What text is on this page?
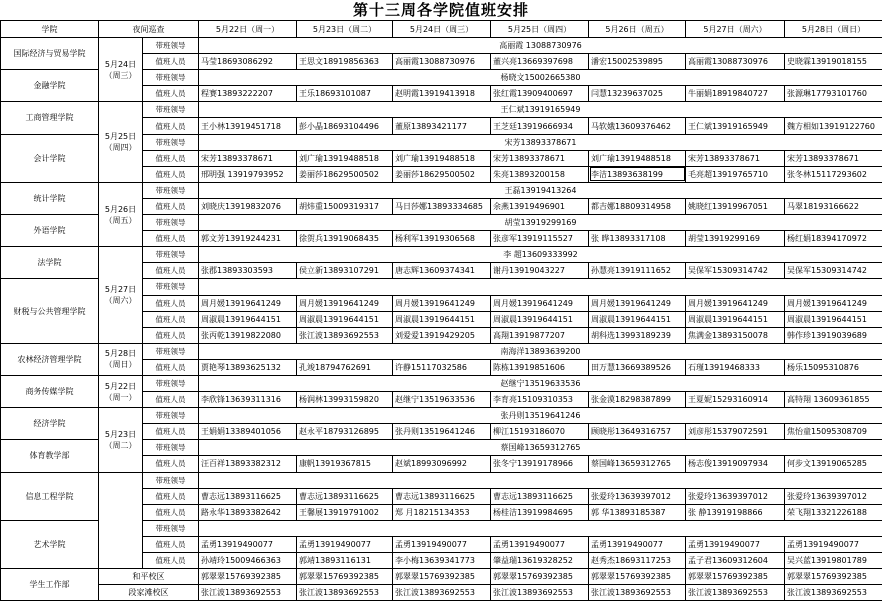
第十三周各学院值班安排
学院	夜间巡查		5月22日（周一）	5月23日（周二）	5月24日（周三）	5月25日（周四）	5月26日（周五）	5月27日（周六）	5月28日（周日）
国际经济与贸易学院	5月24日（周三）	带班领导	高丽霞 13088730976						
		值班人员	马莹18693086292	王思文18919856363	高丽霞13088730976	董兴亮13669397698	潘宏15002539895	高丽霞13088730976	史晓霖13919018155
金融学院		带班领导	杨晓文15002665380						
		值班人员	程赛13893222207	王乐18693101087	赵明霞13919413918	张红霞13909400697	闫慧13239637025	牛丽娟18919840727	张源琳17793101760
工商管理学院	5月25日（周四）	带班领导	王仁斌13919165949						
		值班人员	王小林13919451718	彭小晶18693104496	董原13893421177	王芝廷13919666934	马软娥13609376462	王仁斌13919165949	魏方相如13919122760
会计学院		带班领导	宋芳13893378671						
		值班人员	宋芳13893378671	刘广瑜13919488518	刘广瑜13919488518	宋芳13893378671	刘广瑜13919488518	宋芳13893378671	宋芳13893378671
		值班人员	邢明强 13919793952	姜丽莎18629500502	姜丽莎18629500502	朱亮13893200158	李洁13893638199	毛亮超13919765710	张冬林15117293602
统计学院	5月26日（周五）	带班领导	王磊13919413264						
		值班人员	刘晓庆13919832076	胡炜重15009319317	马日莎娜13893334685	余燕13919496901	都吉娜18809314958	姚晓红13919967051	马翠18193166622
外语学院		带班领导	胡莹13919299169						
		值班人员	郭文芳13919244231	徐贺兵13919068435	杨利军13919306568	张彦军13919115527	张 晔13893317108	胡莹13919299169	杨红娟18394170972
法学院	5月27日（周六）	带班领导	李 超13609333992						
		值班人员	张郡13893303593	侯立新13893107291	唐志辉13609374341	谢丹13919043227	孙慧亮13919111652	吴保军15309314742	吴保军15309314742
财税与公共管理学院		带班领导							
		值班人员	周月媛13919641249	周月媛13919641249	周月媛13919641249	周月媛13919641249	周月媛13919641249	周月媛13919641249	周月媛13919641249
		值班人员	周淑晨13919644151	周淑晨13919644151	周淑晨13919644151	周淑晨13919644151	周淑晨13919644151	周淑晨13919644151	周淑晨13919644151
		值班人员	张丙乾13919822080	张江波13893692553	刘爱爱13919429205	高翔13919877207	胡科选13993189239	焦满金13893150078	韩作珍13919039689
农林经济管理学院	5月28日（周日）	带班领导	南海洋13893639200						
		值班人员	贾艳琴13893625132	孔竣18794762691	许静15117032586	陈栋13919851606	田万慧13669389526	石瑾13919468333	杨乐15095310876
商务传媒学院	5月22日（周一）	带班领导	赵继宁13519633536						
		值班人员	李欣锋13639311316	杨润林13993159820	赵继宁13519633536	李育亮15109310353	张金漠18298387899	王夏妮15293160914	高特翔 13609361855
经济学院	5月23日（周二）	带班领导	张丹则13519641246						
		值班人员	王娟娟13389401056	赵永平18793126895	张丹则13519641246	柳江15193186070	顾晓彤13649316757	刘彦彤15379072591	焦怡童15095308709
体育教学部		带班领导	蔡国峰13659312765						
		值班人员	汪百祥13893382312	康帆13919367815	赵斌18993096992	张冬宁13919178966	蔡国峰13659312765	杨志俊13919097934	何步文13919065285
信息工程学院		带班领导							
		值班人员	曹志远13893116625	曹志远13893116625	曹志远13893116625	曹志远13893116625	张爱玲13639397012	张爱玲13639397012	张爱玲13639397012
		值班人员	路永华13893382642	王馨展13919791002	郑 月18215134353	杨桂洁13919984695	郭 华13893185387	张 静13919198866	荣飞翔13321226188
艺术学院		带班领导							
		值班人员	孟勇13919490077	孟勇13919490077	孟勇13919490077	孟勇13919490077	孟勇13919490077	孟勇13919490077	孟勇13919490077
		值班人员	孙靖玲15009466363	郭靖13893116131	李小梅13639341773	肇益瑞13619328252	赵秀杰18693117253	孟子君13609312604	吴兴蓝13919801789
学生工作部	和平校区		郭翠翠15769392385	郭翠翠15769392385	郭翠翠15769392385	郭翠翠15769392385	郭翠翠15769392385	郭翠翠15769392385	郭翠翠15769392385
	段家滩校区		张江波13893692553	张江波13893692553	张江波13893692553	张江波13893692553	张江波13893692553	张江波13893692553	张江波13893692553
